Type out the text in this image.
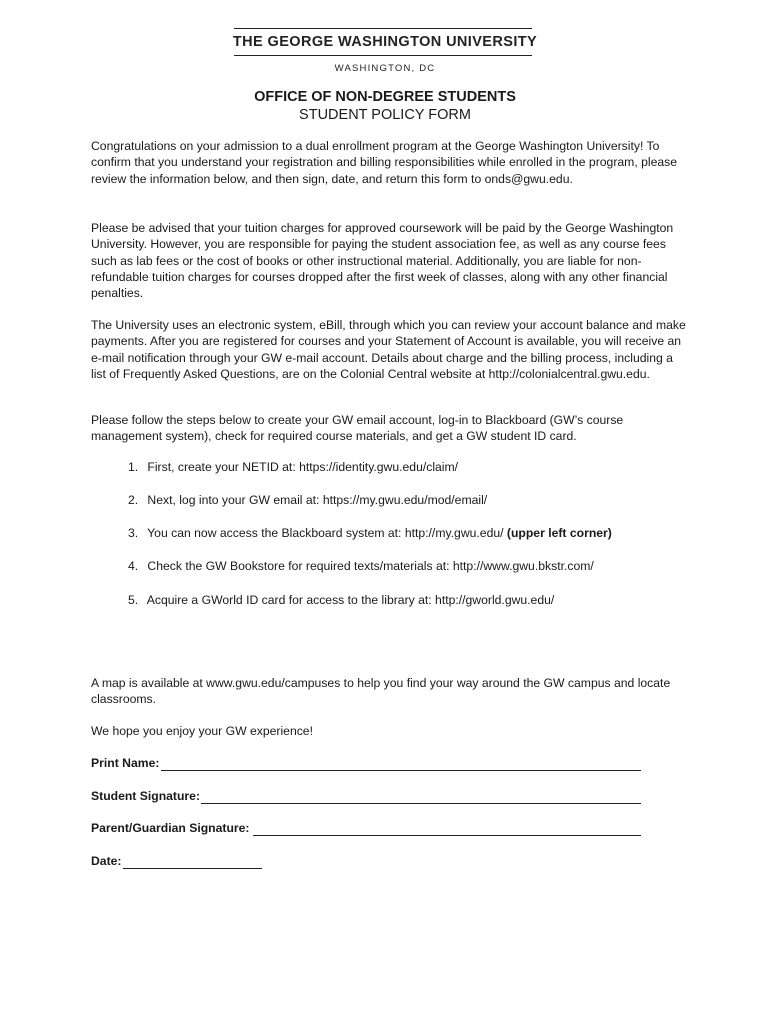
THE GEORGE WASHINGTON UNIVERSITY
WASHINGTON, DC
OFFICE OF NON-DEGREE STUDENTS
STUDENT POLICY FORM

Congratulations on your admission to a dual enrollment program at the George Washington University! To confirm that you understand your registration and billing responsibilities while enrolled in the program, please review the information below, and then sign, date, and return this form to onds@gwu.edu.

Please be advised that your tuition charges for approved coursework will be paid by the George Washington University. However, you are responsible for paying the student association fee, as well as any course fees such as lab fees or the cost of books or other instructional material. Additionally, you are liable for non-refundable tuition charges for courses dropped after the first week of classes, along with any other financial penalties.

The University uses an electronic system, eBill, through which you can review your account balance and make payments. After you are registered for courses and your Statement of Account is available, you will receive an e-mail notification through your GW e-mail account. Details about charge and the billing process, including a list of Frequently Asked Questions, are on the Colonial Central website at http://colonialcentral.gwu.edu.

Please follow the steps below to create your GW email account, log-in to Blackboard (GW’s course management system), check for required course materials, and get a GW student ID card.

1. First, create your NETID at: https://identity.gwu.edu/claim/
2. Next, log into your GW email at: https://my.gwu.edu/mod/email/
3. You can now access the Blackboard system at: http://my.gwu.edu/ (upper left corner)
4. Check the GW Bookstore for required texts/materials at: http://www.gwu.bkstr.com/
5. Acquire a GWorld ID card for access to the library at: http://gworld.gwu.edu/

A map is available at www.gwu.edu/campuses to help you find your way around the GW campus and locate classrooms.

We hope you enjoy your GW experience!

Print Name:
Student Signature:
Parent/Guardian Signature:
Date:
